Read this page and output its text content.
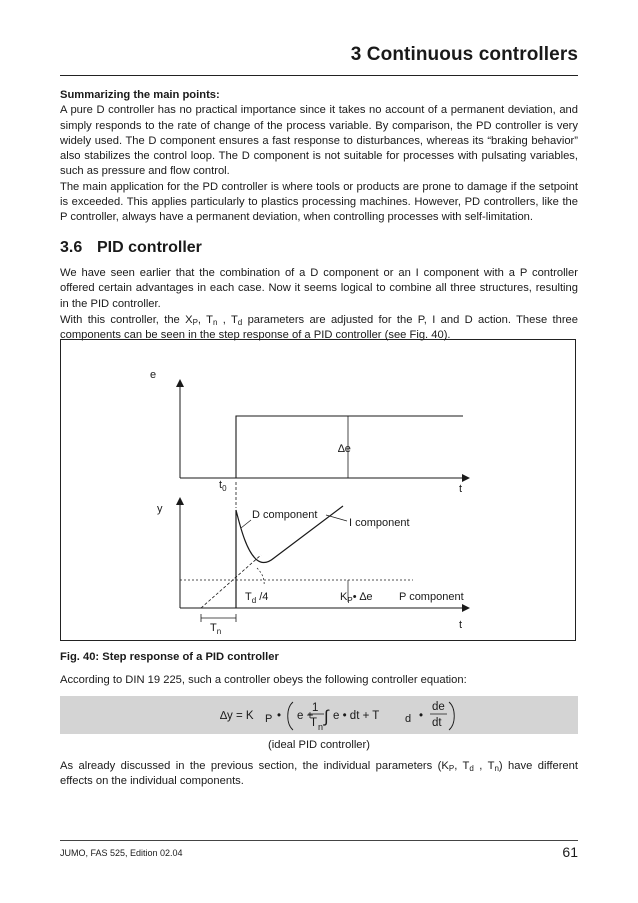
3 Continuous controllers

Summarizing the main points:

A pure D controller has no practical importance since it takes no account of a permanent deviation, and simply responds to the rate of change of the process variable. By comparison, the PD controller is very widely used. The D component ensures a fast response to disturbances, whereas its “braking behavior” also stabilizes the control loop. The D component is not suitable for processes with pulsating variables, such as pressure and flow control.

The main application for the PD controller is where tools or products are prone to damage if the setpoint is exceeded. This applies particularly to plastics processing machines. However, PD controllers, like the P controller, always have a permanent deviation, when controlling processes with self-limitation.

3.6 PID controller

We have seen earlier that the combination of a D component or an I component with a P controller offered certain advantages in each case. Now it seems logical to combine all three structures, resulting in the PID controller.

With this controller, the $X_P$, $T_n$ , $T_d$ parameters are adjusted for the P, I and D action. These three components can be seen in the step response of a PID controller (see Fig. 40).

e
∆e
t
$t_0$
y	D component
I component
$T_d$ /4	$K_P•$ ∆e P component
t
$T_n$
Fig. 40: Step response of a PID controller

According to DIN 19 225, such a controller obeys the following controller equation:

∆y = K P • e +
1
T n
∫ e • dt + T d •
de
dt
(ideal PID controller)

As already discussed in the previous section, the individual parameters ($K_P$, $T_d$ , $T_n$) have different effects on the individual components.

JUMO, FAS 525, Edition 02.04	61
